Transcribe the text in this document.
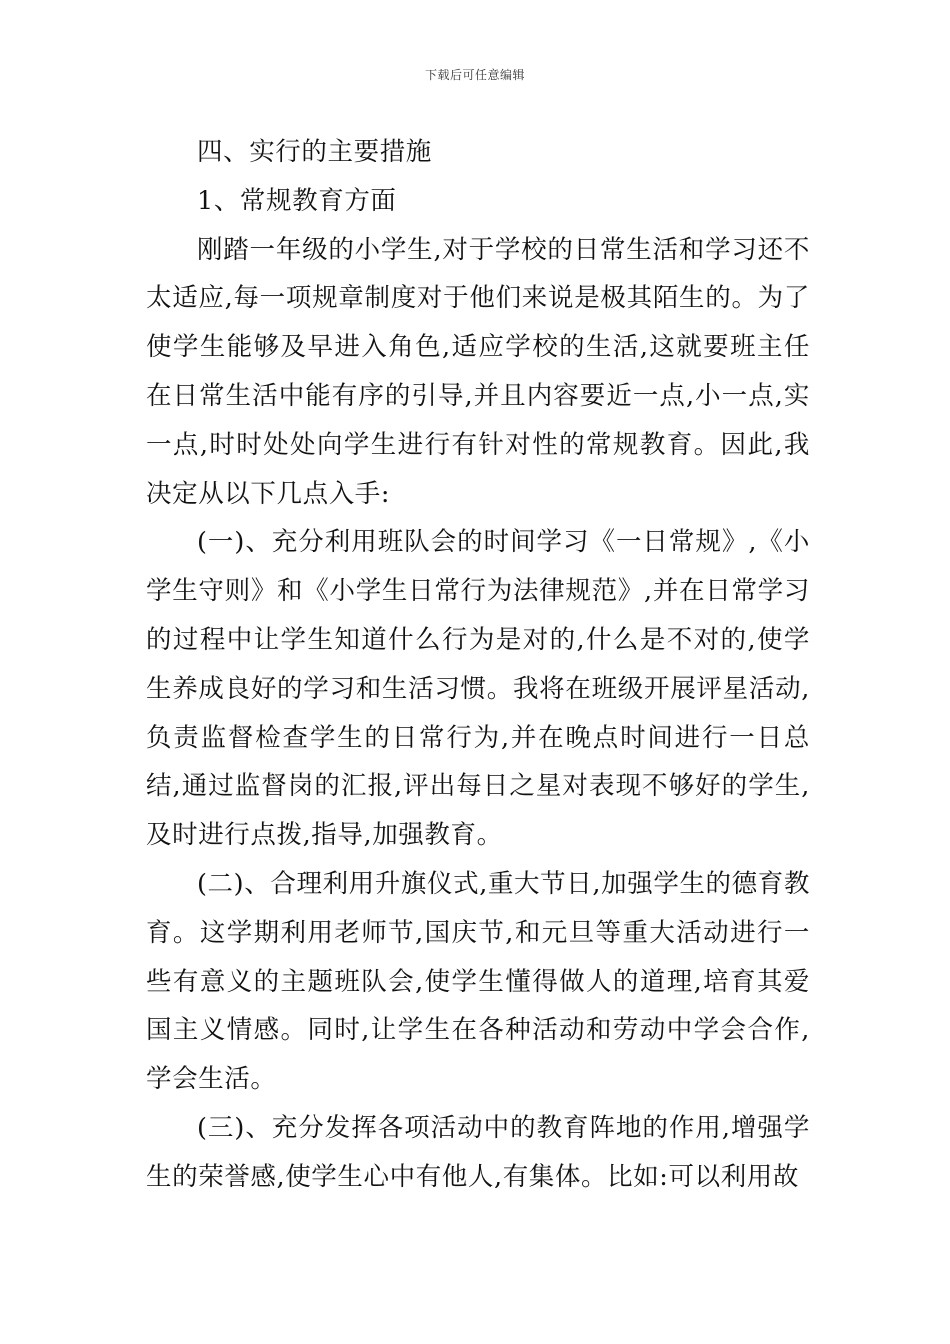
下载后可任意编辑

四、实行的主要措施

1、常规教育方面

刚踏一年级的小学生,对于学校的日常生活和学习还不太适应,每一项规章制度对于他们来说是极其陌生的。为了使学生能够及早进入角色,适应学校的生活,这就要班主任在日常生活中能有序的引导,并且内容要近一点,小一点,实一点,时时处处向学生进行有针对性的常规教育。因此,我决定从以下几点入手:

(一)、充分利用班队会的时间学习《一日常规》,《小学生守则》和《小学生日常行为法律规范》,并在日常学习的过程中让学生知道什么行为是对的,什么是不对的,使学生养成良好的学习和生活习惯。我将在班级开展评星活动,负责监督检查学生的日常行为,并在晚点时间进行一日总结,通过监督岗的汇报,评出每日之星对表现不够好的学生,及时进行点拨,指导,加强教育。

(二)、合理利用升旗仪式,重大节日,加强学生的德育教育。这学期利用老师节,国庆节,和元旦等重大活动进行一些有意义的主题班队会,使学生懂得做人的道理,培育其爱国主义情感。同时,让学生在各种活动和劳动中学会合作,学会生活。

(三)、充分发挥各项活动中的教育阵地的作用,增强学生的荣誉感,使学生心中有他人,有集体。比如:可以利用故
